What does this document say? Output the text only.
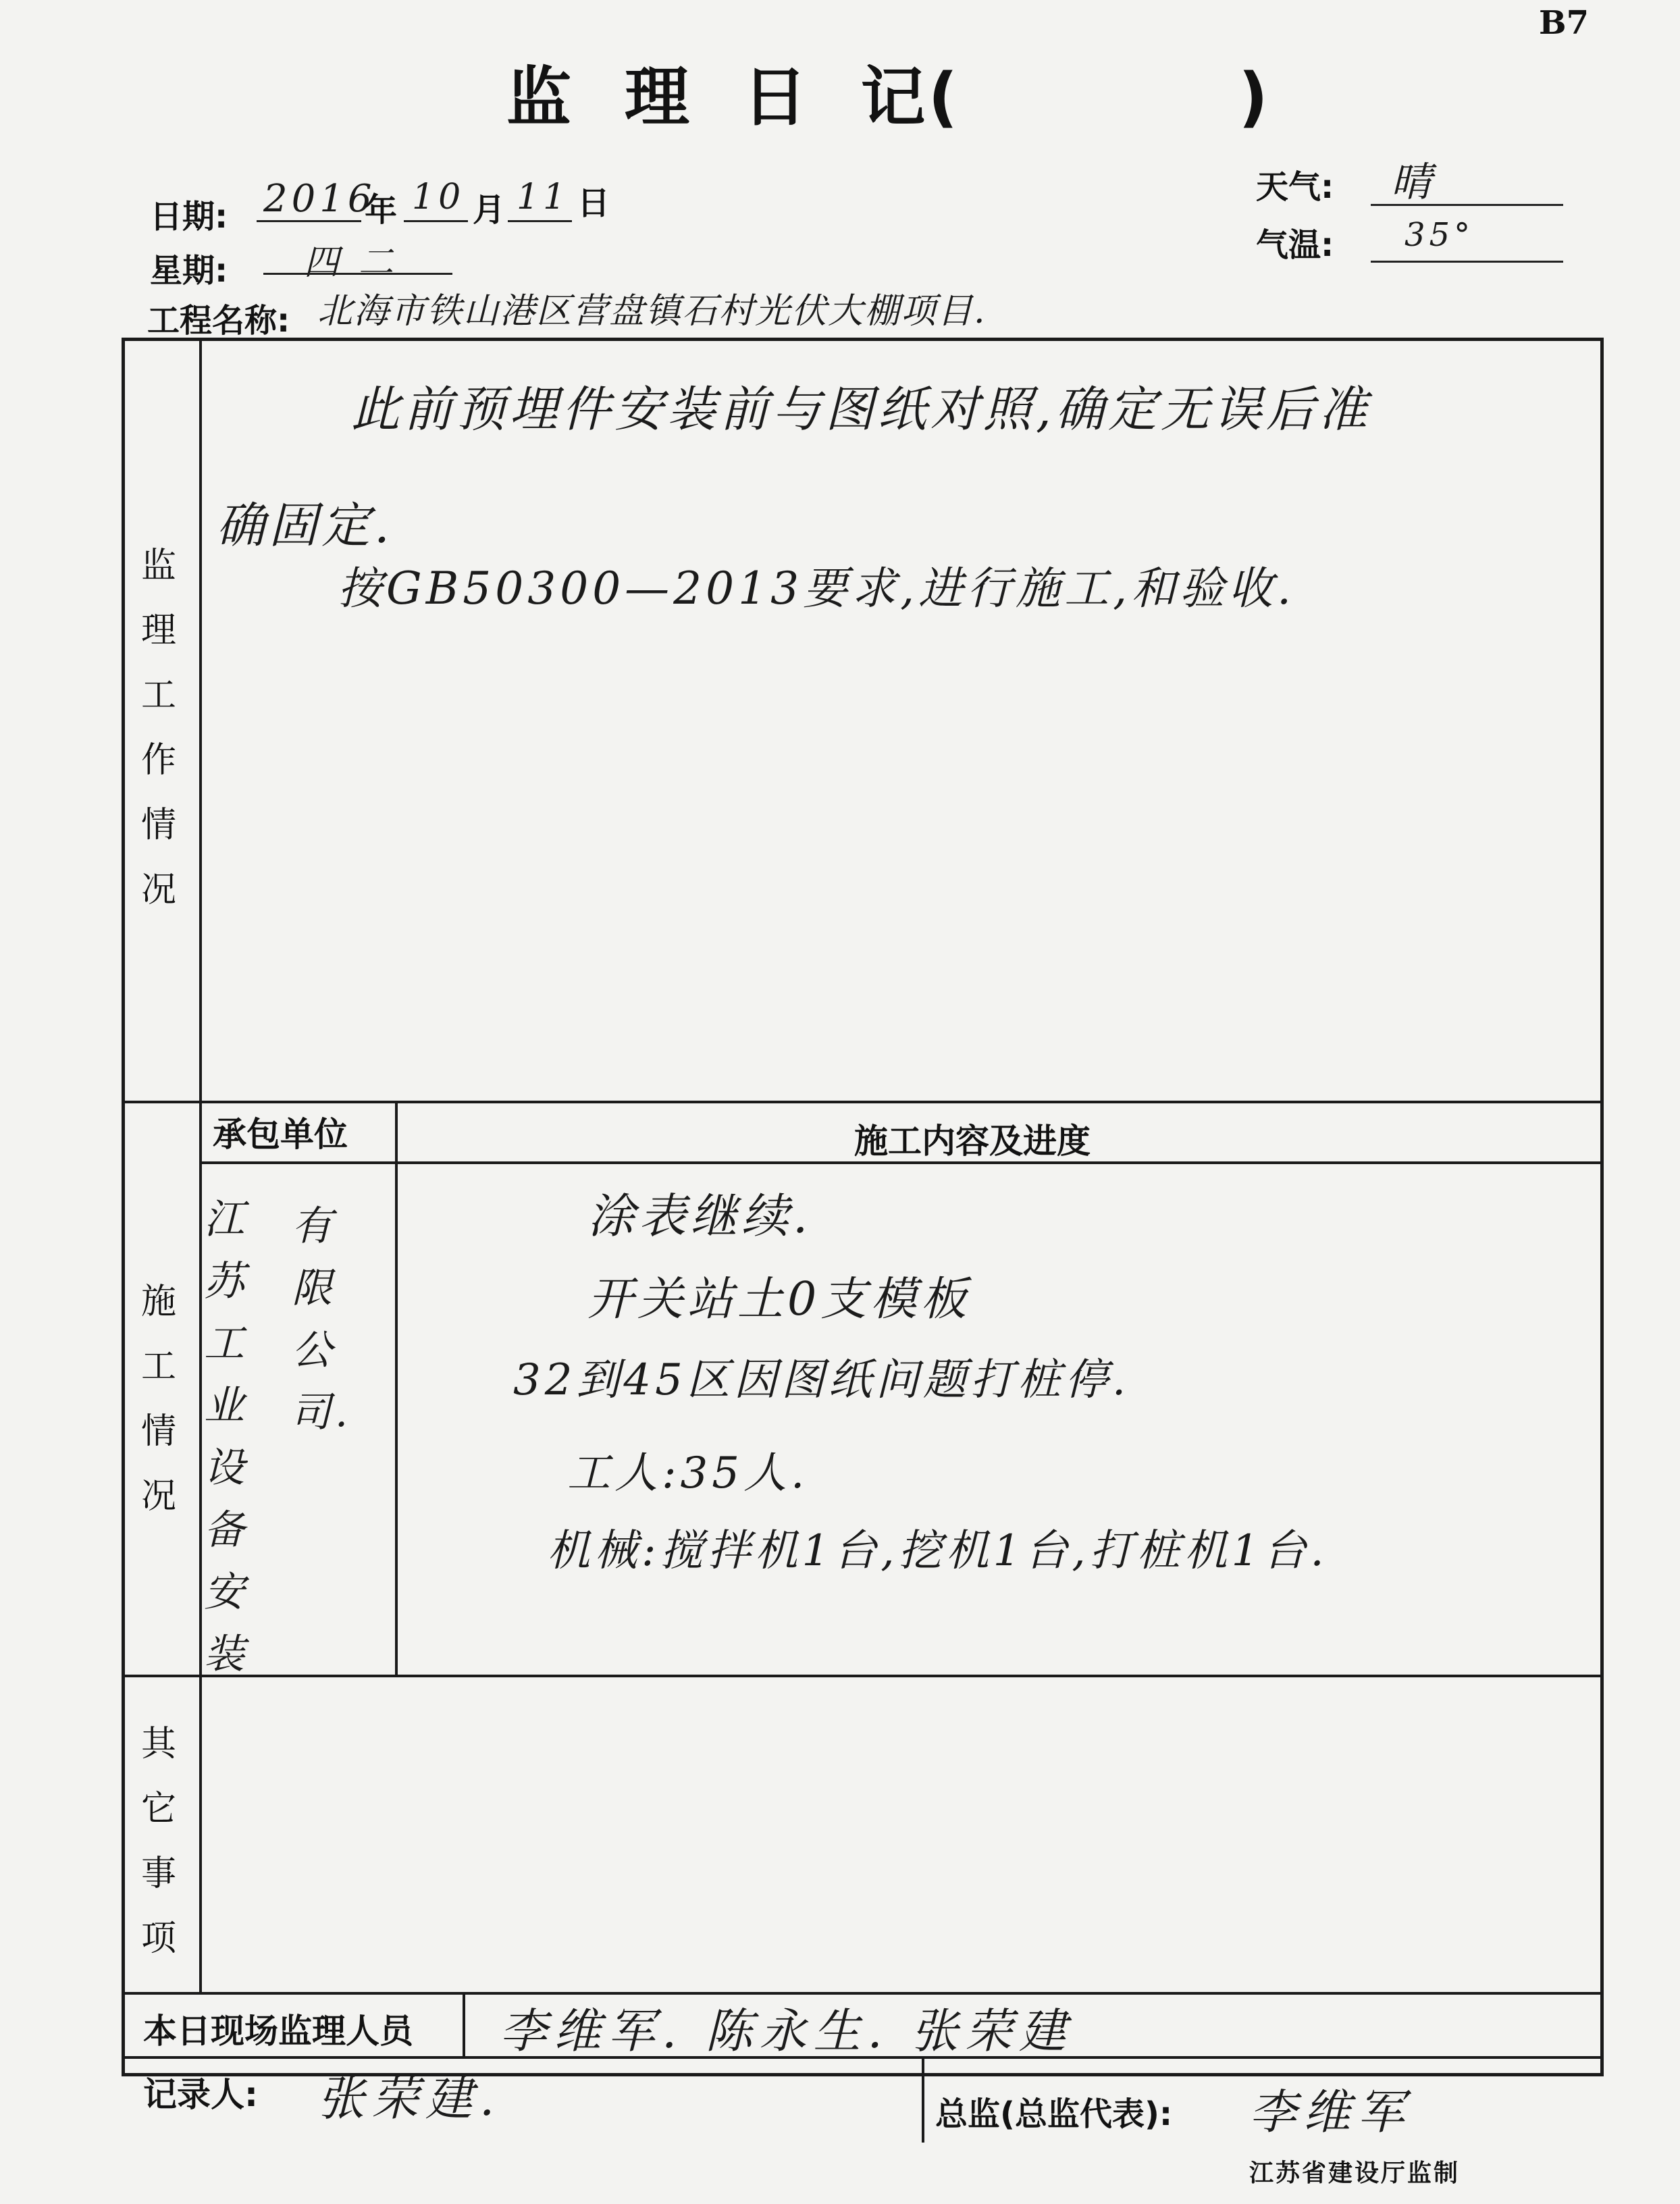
B7
监  理  日  记(           )
日期: 2016
年 10 月 11 日
星期: 四 二
工程名称: 北海市铁山港区营盘镇石村光伏大棚项目.
天气: 晴
气温: 35°
监理工作情况
此前预埋件安装前与图纸对照,确定无误后准
确固定.
按GB50300—2013要求,进行施工,和验收.
施工情况
承包单位	施工内容及进度
江苏工业设备安装
有限公司.
涂表继续.
开关站土0支模板
32到45区因图纸问题打桩停.
工人:35人.
机械:搅拌机1台,挖机1台,打桩机1台.
其它事项
本日现场监理人员 李维军. 陈永生. 张荣建
记录人: 张荣建.	总监(总监代表): 李维军
江苏省建设厅监制
